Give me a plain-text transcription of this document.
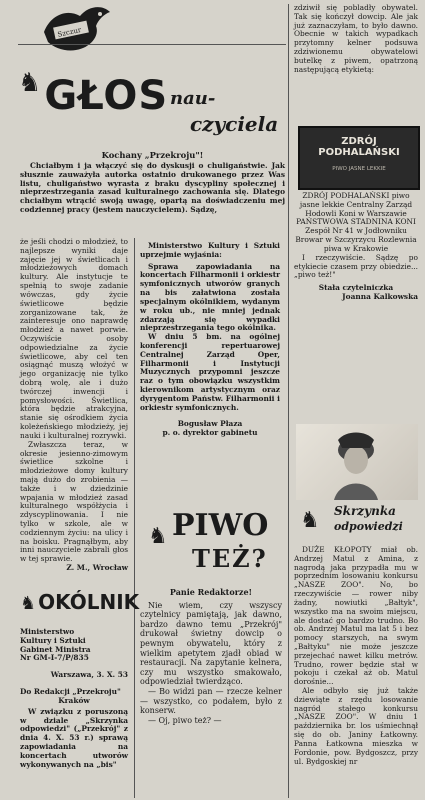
Szczur
♞GŁOS nau-
czyciela

Kochany „Przekroju"!

Chciałbym i ja włączyć się do dyskusji o chuligaństwie. Jak słusznie zauważyła autorka ostatnio drukowanego przez Was listu, chuligaństwo wyrasta z braku dyscypliny społecznej i nieprzestrzegania zasad kulturalnego zachowania się. Dlatego chciałbym wtrącić swoją uwagę, opartą na doświadczeniu mej codziennej pracy (jestem nauczycielem). Sądzę,

że jeśli chodzi o młodzież, to najlepsze wyniki daje zajęcie jej w świetlicach i młodzieżowych domach kultury. Ale instytucje te spełnią to swoje zadanie wówczas, gdy życie świetlicowe będzie zorganizowane tak, że zainteresuje ono naprawdę młodzież a nawet porwie. Oczywiście osoby odpowiedzialne za życie świetlicowe, aby cel ten osiągnąć muszą włożyć w jego organizację nie tylko dobrą wolę, ale i dużo twórczej inwencji i pomysłowości. Świetlica, która będzie atrakcyjna, stanie się ośrodkiem życia koleżeńskiego młodzieży, jej nauki i kulturalnej rozrywki.

Zwłaszcza teraz, w okresie jesienno-zimowym świetlice szkolne i młodzieżowe domy kultury mają dużo do zrobienia — także i w dziedzinie wpajania w młodzież zasad kulturalnego współżycia i zdyscyplinowania. I nie tylko w szkole, ale w codziennym życiu: na ulicy i na boisku. Pragnąłbym, aby inni nauczyciele zabrali głos w tej sprawie.

Z. M., Wrocław

♞ OKÓLNIK

Ministerstwo

Kultury i Sztuki

Gabinet Ministra

Nr GM-I-7/P/835

Warszawa, 3. X. 53

Do Redakcji „Przekroju"

Kraków

W związku z poruszoną w dziale „Skrzynka odpowiedzi" („Przekrój" z dnia 4. X. 53 r.) sprawą zapowiadania na koncertach utworów wykonywanych na „bis"

Ministerstwo Kultury i Sztuki uprzejmie wyjaśnia:

Sprawa zapowiadania na koncertach Filharmonii i orkiestr symfonicznych utworów granych na bis załatwiona została specjalnym okólnikiem, wydanym w roku ub., nie mniej jednak zdarzają się wypadki nieprzestrzegania tego okólnika.

W dniu 5 bm. na ogólnej konferencji repertuarowej Centralnej Zarząd Oper, Filharmonii i Instytucji Muzycznych przypomni jeszcze raz o tym obowiązku wszystkim kierownikom artystycznym oraz dyrygentom Państw. Filharmonii i orkiestr symfonicznych.

Bogusław Płaza

p. o. dyrektor gabinetu

PIWO
TEŻ?
♞

Panie Redaktorze!

Nie wiem, czy wszyscy czytelnicy pamiętają, jak dawno, bardzo dawno temu „Przekrój" drukował świetny dowcip o pewnym obywatelu, który z wielkim apetytem zjadł obiad w restauracji. Na zapytanie kelnera, czy mu wszystko smakowało, odpowiedział twierdząco.

— Bo widzi pan — rzecze kelner — wszystko, co podałem, było z konserw.

— Oj, piwo też? —

zdziwił się pobladły obywatel. Tak się kończył dowcip. Ale jak już zaznaczyłam, to było dawno. Obecnie w takich wypadkach przytomny kelner podsuwa zdziwionemu obywatelowi butelkę z piwem, opatrzoną następującą etykietą:

ZDRÓJ PODHALAŃSKI
PIWO JASNE LEKKIE

ZDRÓJ PODHALAŃSKI piwo jasne lekkie Centralny Zarząd Hodowli Koni w Warszawie PAŃSTWOWA STADNINA KONI Zespół Nr 41 w Jodłowniku Browar w Szczyrzycu Rozlewnia piwa w Krakowie

I rzeczywiście. Sądzę po etykiecie czasem przy obiedzie... „piwo też!"

Stała czytelniczka

Joanna Kalkowska

Skrzynka
odpowiedzi
♞

DUŻE KŁOPOTY miał ob. Andrzej Matul z Amina, z nagrodą jaka przypadła mu w poprzednim losowaniu konkursu „NASZE ZOO". No, bo rzeczywiście — rower niby żadny, nowiutki „Bałtyk", wszystko ma na swoim miejscu, ale dostać go bardzo trudno. Bo ob. Andrzej Matul ma lat 5 i bez pomocy starszych, na swym „Bałtyku" nie może jeszcze przejechać nawet kilku metrów. Trudno, rower będzie stał w pokoju i czekał aż ob. Matul dorośnie...

Ale odbyło się już także dziewiąte z rzędu losowanie nagród stałego konkursu „NASZE ZOO". W dniu 1 października br. los uśmiechnął się do ob. Janiny Łatkowny. Panna Łatkowna mieszka w Fordonie, pow. Bydgoszcz, przy ul. Bydgoskiej nr
